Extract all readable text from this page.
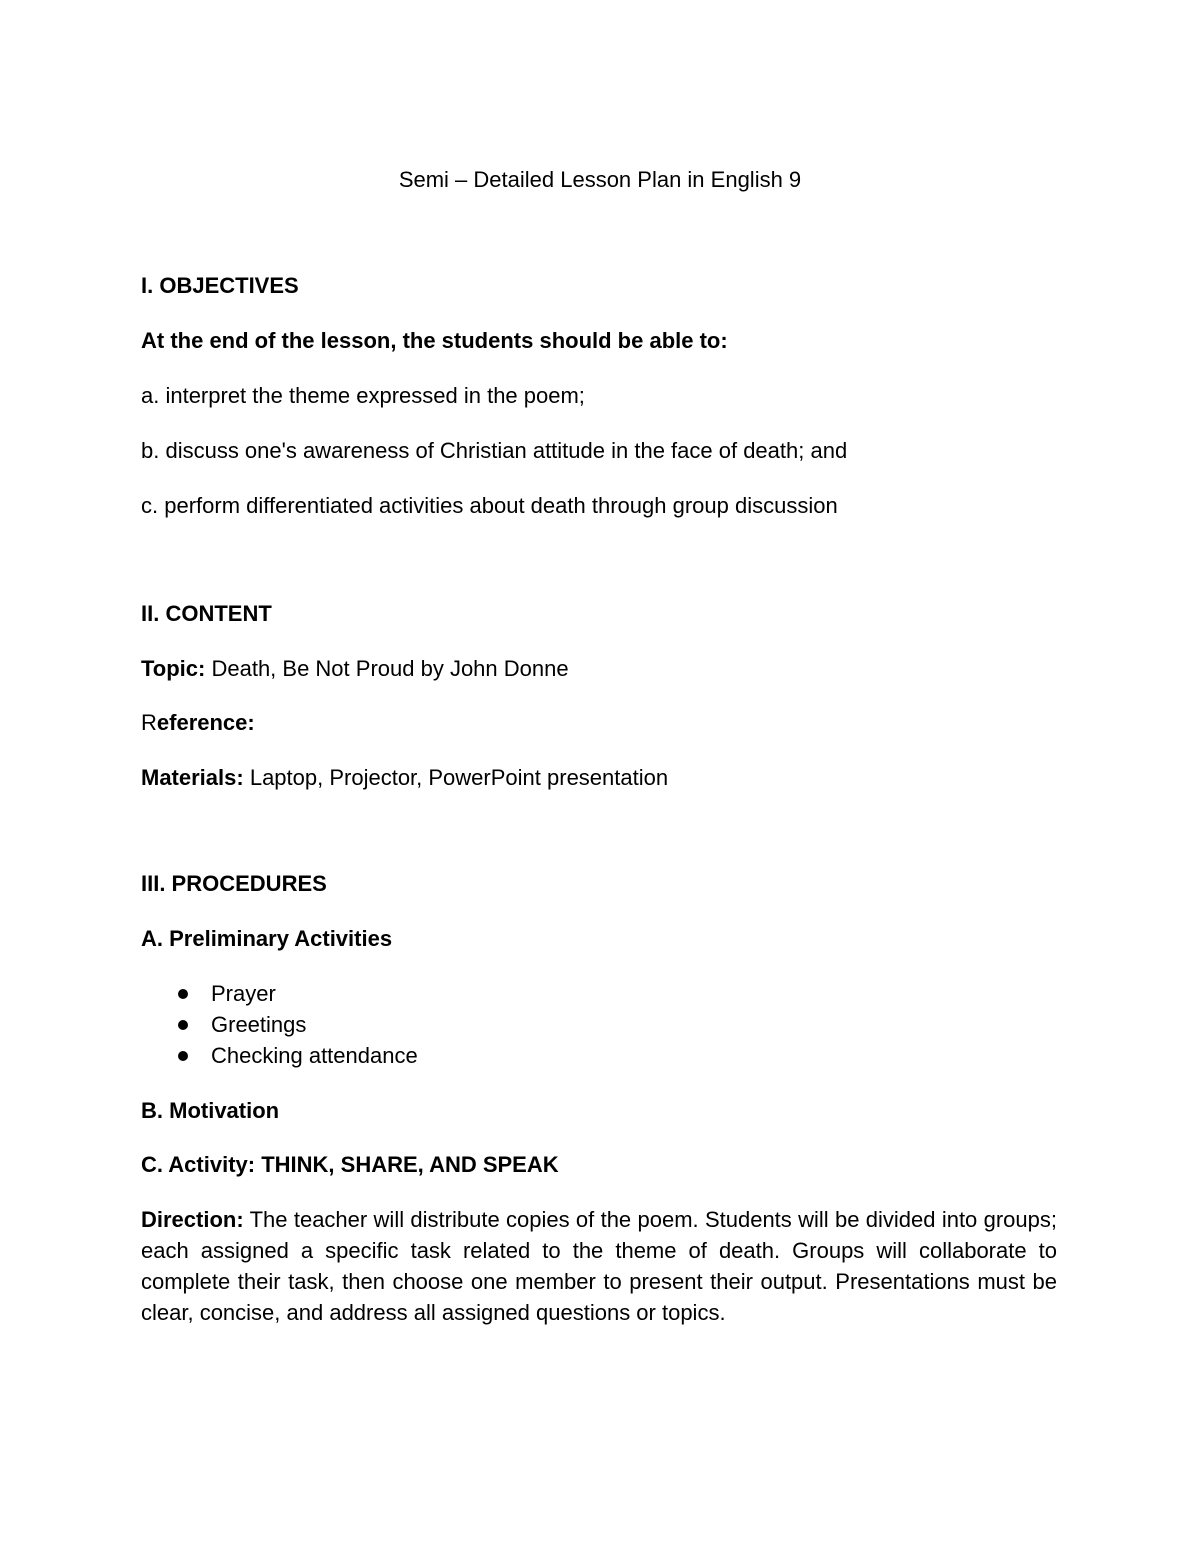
Semi – Detailed Lesson Plan in English 9
I. OBJECTIVES
At the end of the lesson, the students should be able to:
a. interpret the theme expressed in the poem;
b. discuss one's awareness of Christian attitude in the face of death; and
c. perform differentiated activities about death through group discussion
II. CONTENT
Topic: Death, Be Not Proud by John Donne
Reference:
Materials: Laptop, Projector, PowerPoint presentation
III. PROCEDURES
A. Preliminary Activities
Prayer
Greetings
Checking attendance
B. Motivation
C. Activity: THINK, SHARE, AND SPEAK
Direction: The teacher will distribute copies of the poem. Students will be divided into groups; each assigned a specific task related to the theme of death. Groups will collaborate to complete their task, then choose one member to present their output. Presentations must be clear, concise, and address all assigned questions or topics.
